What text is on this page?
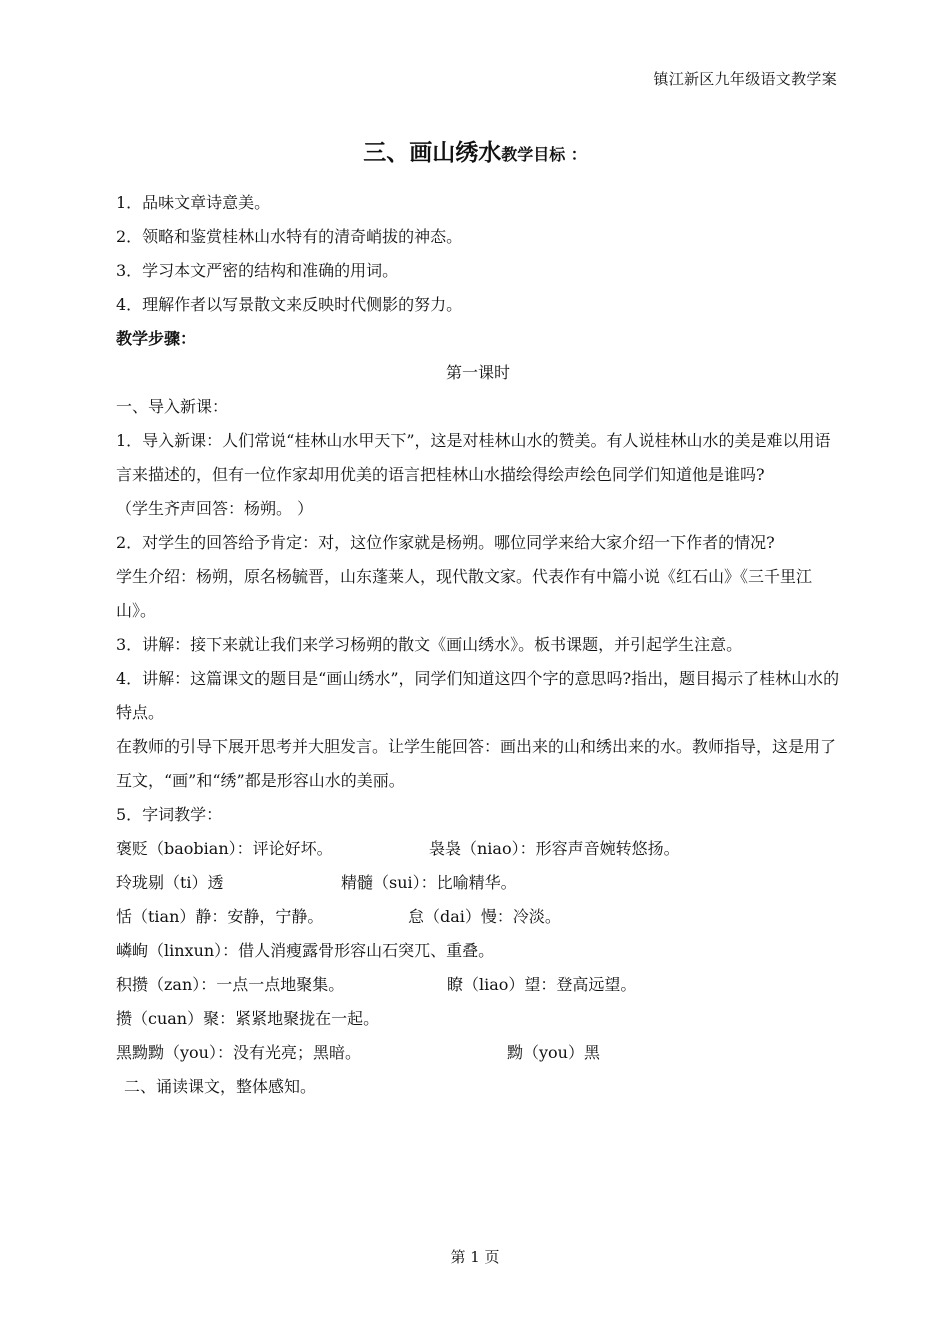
镇江新区九年级语文教学案
三、画山绣水教学目标 ：
1．品味文章诗意美。
2．领略和鉴赏桂林山水特有的清奇峭拔的神态。
3．学习本文严密的结构和准确的用词。
4．理解作者以写景散文来反映时代侧影的努力。
教学步骤：
第一课时
一、导入新课：
1．导入新课：人们常说“桂林山水甲天下”，这是对桂林山水的赞美。有人说桂林山水的美是难以用语言来描述的，但有一位作家却用优美的语言把桂林山水描绘得绘声绘色同学们知道他是谁吗?
（学生齐声回答：杨朔。 ）
2．对学生的回答给予肯定：对，这位作家就是杨朔。哪位同学来给大家介绍一下作者的情况?
学生介绍：杨朔，原名杨毓晋，山东蓬莱人，现代散文家。代表作有中篇小说《红石山》《三千里江山》。
3．讲解：接下来就让我们来学习杨朔的散文《画山绣水》。板书课题，并引起学生注意。
4．讲解：这篇课文的题目是“画山绣水”，同学们知道这四个字的意思吗?指出，题目揭示了桂林山水的特点。
在教师的引导下展开思考并大胆发言。让学生能回答：画出来的山和绣出来的水。教师指导，这是用了互文，“画”和“绣”都是形容山水的美丽。
5．字词教学：
褒贬（baobian）：评论好坏。	袅袅（niao）：形容声音婉转悠扬。
玲珑剔（ti）透	精髓（sui）：比喻精华。
恬（tian）静：安静，宁静。	怠（dai）慢：冷淡。
嶙峋（linxun）：借人消瘦露骨形容山石突兀、重叠。
积攒（zan）：一点一点地聚集。	瞭（liao）望：登高远望。
攒（cuan）聚：紧紧地聚拢在一起。
黑黝黝（you）：没有光亮；黑暗。	黝（you）黑
二、诵读课文，整体感知。
第 1 页
